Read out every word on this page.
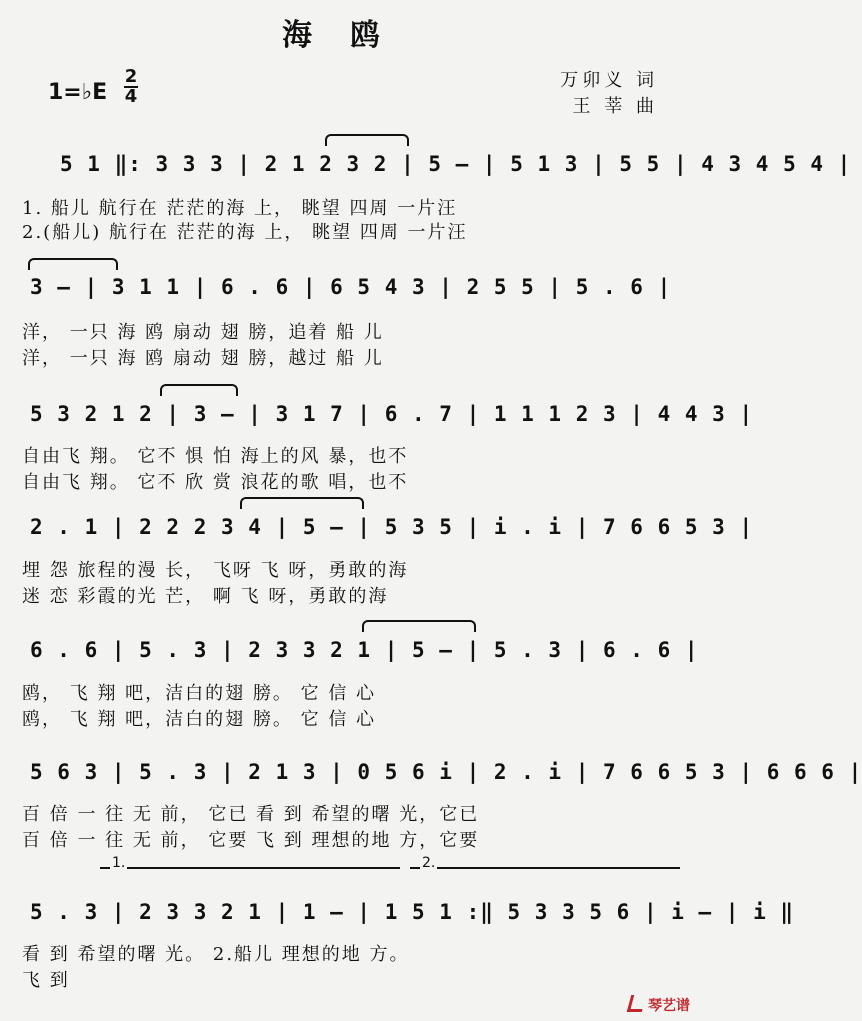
海鸥
1=♭E
2
4
万卯义 词
王 莘 曲
5 1 ‖: 3 3 3 | 2 1 2 3 2 | 5 – | 5 1 3 | 5 5 | 4 3 4 5 4 |
1. 船儿 航行在 茫茫的海 上， 眺望 四周 一片汪
2.(船儿) 航行在 茫茫的海 上， 眺望 四周 一片汪
3 – | 3 1 1 | 6 . 6 | 6 5 4 3 | 2 5 5 | 5 . 6 |
洋， 一只 海 鸥 扇动 翅 膀，追着 船 儿
洋， 一只 海 鸥 扇动 翅 膀，越过 船 儿
5 3 2 1 2 | 3 – | 3 1 7 | 6 . 7 | 1 1 1 2 3 | 4 4 3 |
自由飞 翔。 它不 惧 怕 海上的风 暴，也不
自由飞 翔。 它不 欣 赏 浪花的歌 唱，也不
2 . 1 | 2 2 2 3 4 | 5 – | 5 3 5 | i . i | 7 6 6 5 3 |
埋 怨 旅程的漫 长， 飞呀 飞 呀，勇敢的海
迷 恋 彩霞的光 芒， 啊 飞 呀，勇敢的海
6 . 6 | 5 . 3 | 2 3 3 2 1 | 5 – | 5 . 3 | 6 . 6 |
鸥， 飞 翔 吧，洁白的翅 膀。 它 信 心
鸥， 飞 翔 吧，洁白的翅 膀。 它 信 心
5 6 3 | 5 . 3 | 2 1 3 | 0 5 6 i | 2 . i | 7 6 6 5 3 | 6 6 6 |
百 倍 一 往 无 前， 它已 看 到 希望的曙 光，它已
百 倍 一 往 无 前， 它要 飞 到 理想的地 方，它要
1.	2.
5 . 3 | 2 3 3 2 1 | 1 – | 1 5 1 :‖ 5 3 3 5 6 | i – | i ‖
看 到 希望的曙 光。 2.船儿 理想的地 方。
飞 到
琴艺谱
